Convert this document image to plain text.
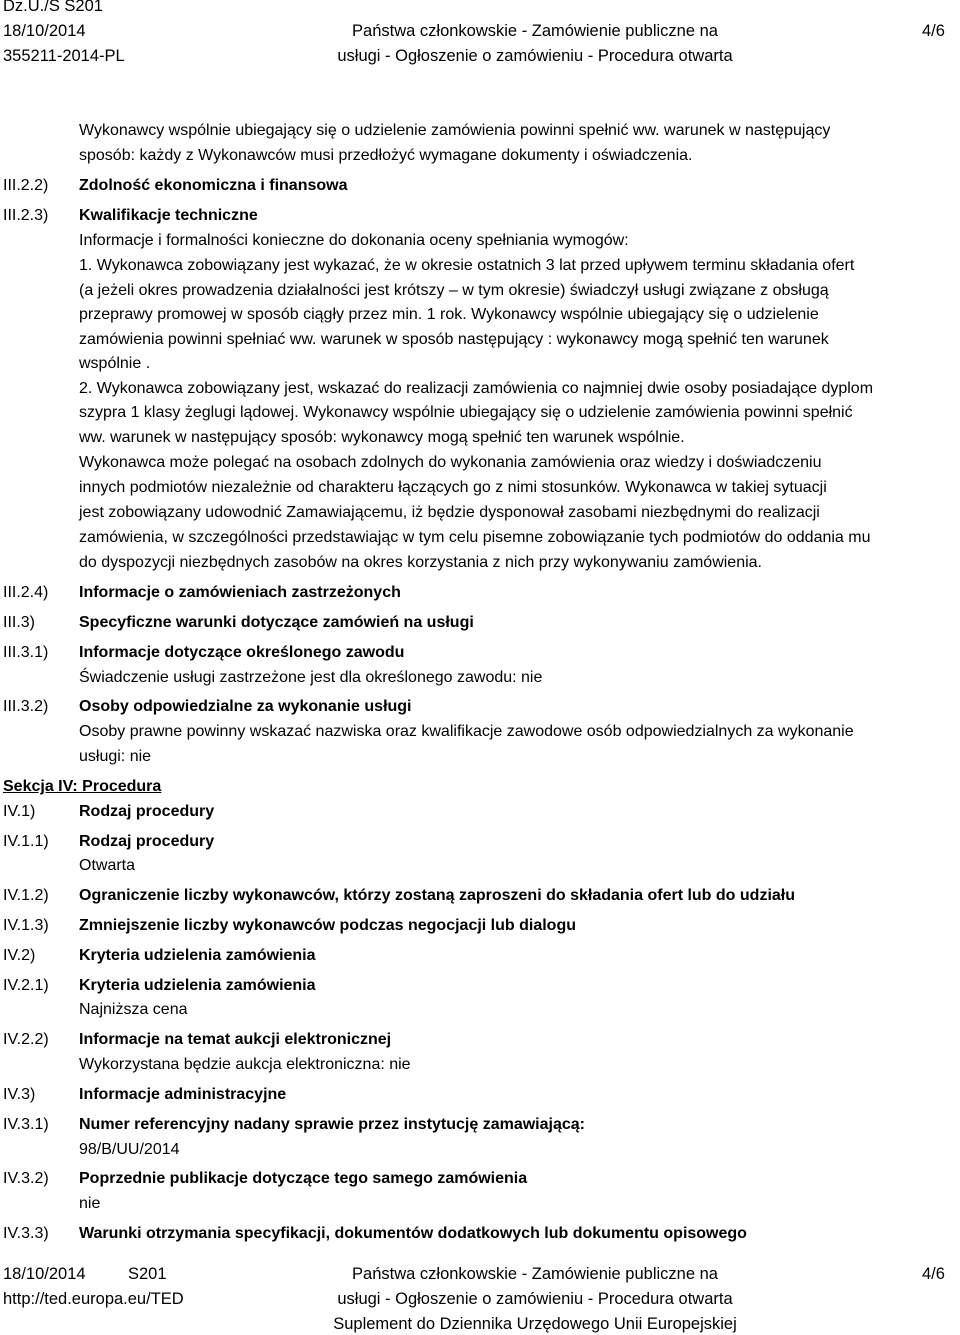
Dz.U./S S201
18/10/2014
355211-2014-PL
Państwa członkowskie - Zamówienie publiczne na
usługi - Ogłoszenie o zamówieniu - Procedura otwarta
4/6
Wykonawcy wspólnie ubiegający się o udzielenie zamówienia powinni spełnić ww. warunek w następujący
sposób: każdy z Wykonawców musi przedłożyć wymagane dokumenty i oświadczenia.
III.2.2) Zdolność ekonomiczna i finansowa
III.2.3) Kwalifikacje techniczne
Informacje i formalności konieczne do dokonania oceny spełniania wymogów:
1. Wykonawca zobowiązany jest wykazać, że w okresie ostatnich 3 lat przed upływem terminu składania ofert
(a jeżeli okres prowadzenia działalności jest krótszy – w tym okresie) świadczył usługi związane z obsługą
przeprawy promowej w sposób ciągły przez min. 1 rok. Wykonawcy wspólnie ubiegający się o udzielenie
zamówienia powinni spełniać ww. warunek w sposób następujący : wykonawcy mogą spełnić ten warunek
wspólnie .
2. Wykonawca zobowiązany jest, wskazać do realizacji zamówienia co najmniej dwie osoby posiadające dyplom
szypra 1 klasy żeglugi lądowej. Wykonawcy wspólnie ubiegający się o udzielenie zamówienia powinni spełnić
ww. warunek w następujący sposób: wykonawcy mogą spełnić ten warunek wspólnie.
Wykonawca może polegać na osobach zdolnych do wykonania zamówienia oraz wiedzy i doświadczeniu
innych podmiotów niezależnie od charakteru łączących go z nimi stosunków. Wykonawca w takiej sytuacji
jest zobowiązany udowodnić Zamawiającemu, iż będzie dysponował zasobami niezbędnymi do realizacji
zamówienia, w szczególności przedstawiając w tym celu pisemne zobowiązanie tych podmiotów do oddania mu
do dyspozycji niezbędnych zasobów na okres korzystania z nich przy wykonywaniu zamówienia.
III.2.4) Informacje o zamówieniach zastrzeżonych
III.3)	Specyficzne warunki dotyczące zamówień na usługi
III.3.1) Informacje dotyczące określonego zawodu
Świadczenie usługi zastrzeżone jest dla określonego zawodu: nie
III.3.2) Osoby odpowiedzialne za wykonanie usługi
Osoby prawne powinny wskazać nazwiska oraz kwalifikacje zawodowe osób odpowiedzialnych za wykonanie
usługi: nie
Sekcja IV: Procedura
IV.1)	Rodzaj procedury
IV.1.1) Rodzaj procedury
Otwarta
IV.1.2) Ograniczenie liczby wykonawców, którzy zostaną zaproszeni do składania ofert lub do udziału
IV.1.3) Zmniejszenie liczby wykonawców podczas negocjacji lub dialogu
IV.2)	Kryteria udzielenia zamówienia
IV.2.1) Kryteria udzielenia zamówienia
Najniższa cena
IV.2.2) Informacje na temat aukcji elektronicznej
Wykorzystana będzie aukcja elektroniczna: nie
IV.3)	Informacje administracyjne
IV.3.1) Numer referencyjny nadany sprawie przez instytucję zamawiającą:
98/B/UU/2014
IV.3.2) Poprzednie publikacje dotyczące tego samego zamówienia
nie
IV.3.3) Warunki otrzymania specyfikacji, dokumentów dodatkowych lub dokumentu opisowego
18/10/2014	S201
http://ted.europa.eu/TED
Państwa członkowskie - Zamówienie publiczne na
usługi - Ogłoszenie o zamówieniu - Procedura otwarta
Suplement do Dziennika Urzędowego Unii Europejskiej
4/6
